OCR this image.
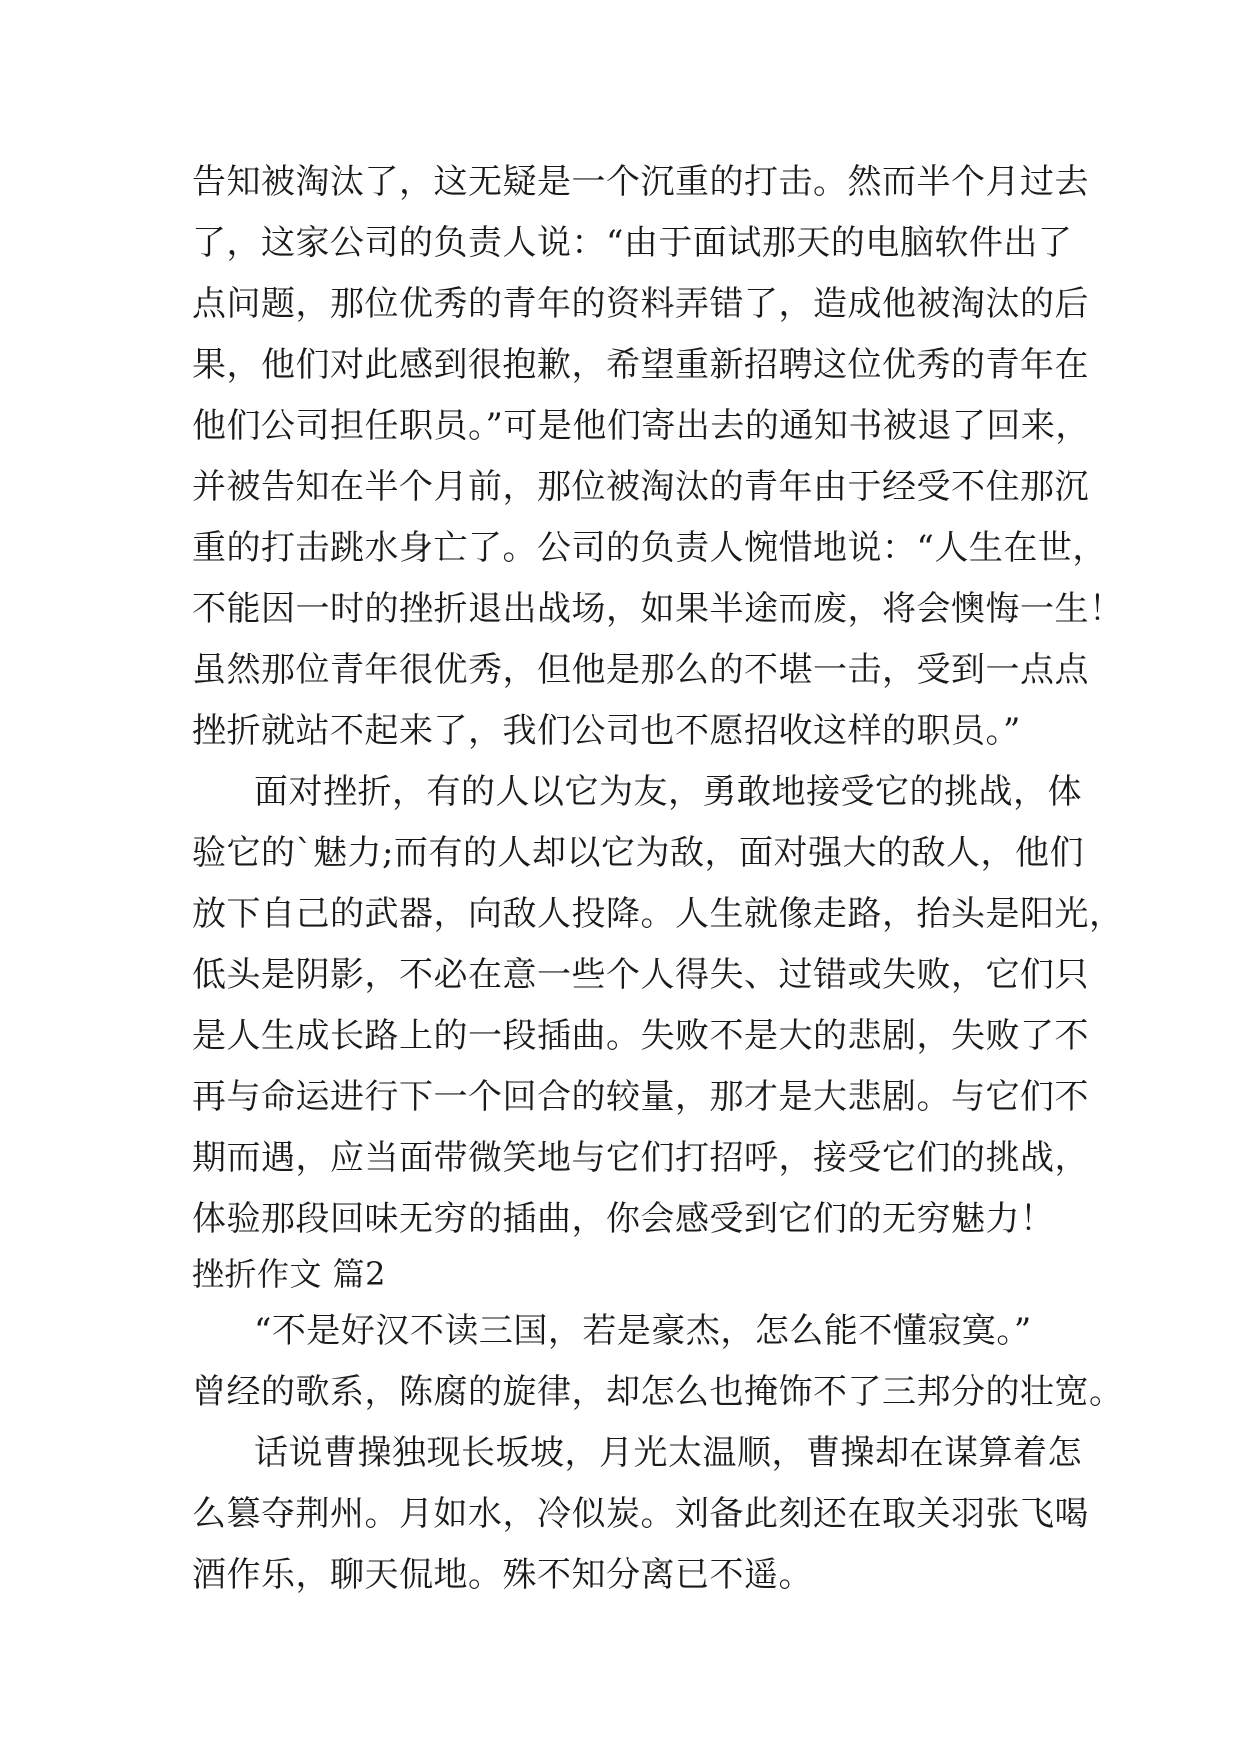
告知被淘汰了，这无疑是一个沉重的打击。然而半个月过去
了，这家公司的负责人说：“由于面试那天的电脑软件出了
点问题，那位优秀的青年的资料弄错了，造成他被淘汰的后
果，他们对此感到很抱歉，希望重新招聘这位优秀的青年在
他们公司担任职员。”可是他们寄出去的通知书被退了回来，
并被告知在半个月前，那位被淘汰的青年由于经受不住那沉
重的打击跳水身亡了。公司的负责人惋惜地说：“人生在世，
不能因一时的挫折退出战场，如果半途而废，将会懊悔一生！
虽然那位青年很优秀，但他是那么的不堪一击，受到一点点
挫折就站不起来了，我们公司也不愿招收这样的职员。”
面对挫折，有的人以它为友，勇敢地接受它的挑战，体
验它的`魅力;而有的人却以它为敌，面对强大的敌人，他们
放下自己的武器，向敌人投降。人生就像走路，抬头是阳光，
低头是阴影，不必在意一些个人得失、过错或失败，它们只
是人生成长路上的一段插曲。失败不是大的悲剧，失败了不
再与命运进行下一个回合的较量，那才是大悲剧。与它们不
期而遇，应当面带微笑地与它们打招呼，接受它们的挑战，
体验那段回味无穷的插曲，你会感受到它们的无穷魅力！
挫折作文 篇2
“不是好汉不读三国，若是豪杰，怎么能不懂寂寞。”
曾经的歌系，陈腐的旋律，却怎么也掩饰不了三邦分的壮宽。
话说曹操独现长坂坡，月光太温顺，曹操却在谋算着怎
么篡夺荆州。月如水，冷似炭。刘备此刻还在取关羽张飞喝
酒作乐，聊天侃地。殊不知分离已不遥。
